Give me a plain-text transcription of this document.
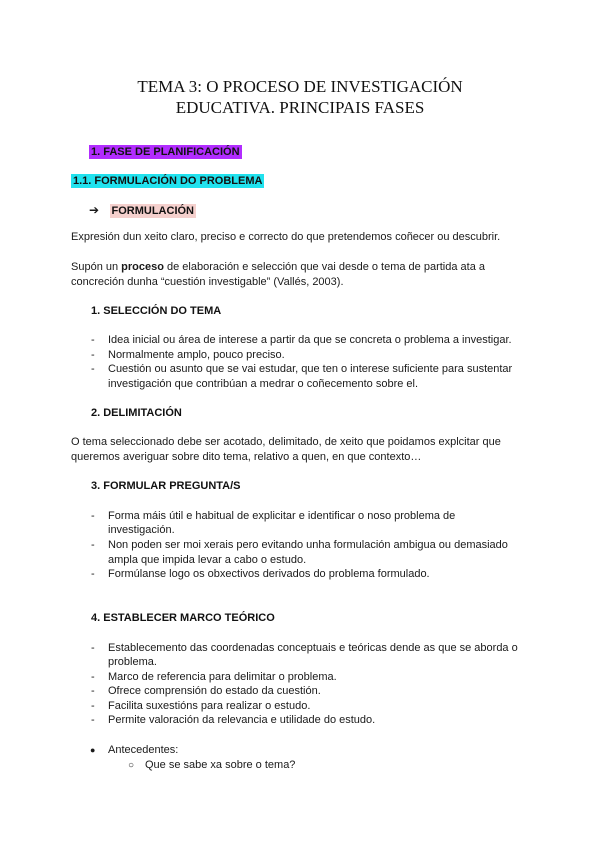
TEMA 3: O PROCESO DE INVESTIGACIÓN
EDUCATIVA. PRINCIPAIS FASES
1. FASE DE PLANIFICACIÓN
1.1. FORMULACIÓN DO PROBLEMA
➔ FORMULACIÓN
Expresión dun xeito claro, preciso e correcto do que pretendemos coñecer ou descubrir.
Supón un proceso de elaboración e selección que vai desde o tema de partida ata a
concreción dunha “cuestión investigable” (Vallés, 2003).
1. SELECCIÓN DO TEMA
- Idea inicial ou área de interese a partir da que se concreta o problema a investigar.
- Normalmente amplo, pouco preciso.
- Cuestión ou asunto que se vai estudar, que ten o interese suficiente para sustentar
investigación que contribúan a medrar o coñecemento sobre el.
2. DELIMITACIÓN
O tema seleccionado debe ser acotado, delimitado, de xeito que poidamos explcitar que
queremos averiguar sobre dito tema, relativo a quen, en que contexto…
3. FORMULAR PREGUNTA/S
- Forma máis útil e habitual de explicitar e identificar o noso problema de
investigación.
- Non poden ser moi xerais pero evitando unha formulación ambigua ou demasiado
ampla que impida levar a cabo o estudo.
- Formúlanse logo os obxectivos derivados do problema formulado.
4. ESTABLECER MARCO TEÓRICO
- Establecemento das coordenadas conceptuais e teóricas dende as que se aborda o
problema.
- Marco de referencia para delimitar o problema.
- Ofrece comprensión do estado da cuestión.
- Facilita suxestións para realizar o estudo.
- Permite valoración da relevancia e utilidade do estudo.
● Antecedentes:
○ Que se sabe xa sobre o tema?
